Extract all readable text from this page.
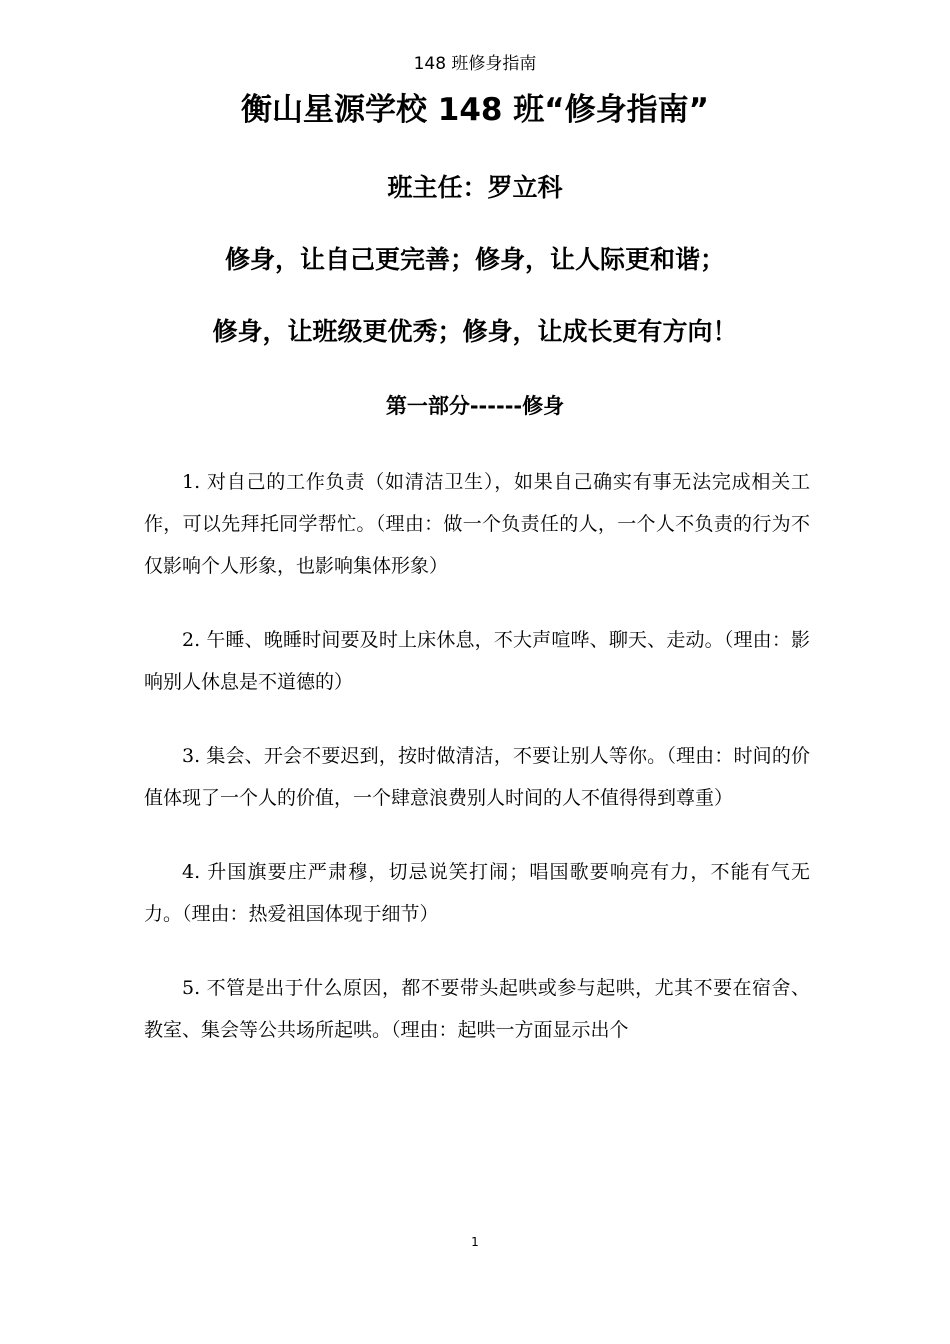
148 班修身指南
衡山星源学校 148 班“修身指南”
班主任：罗立科
修身，让自己更完善；修身，让人际更和谐；
修身，让班级更优秀；修身，让成长更有方向！
第一部分------修身

1. 对自己的工作负责（如清洁卫生），如果自己确实有事无法完成相关工作，可以先拜托同学帮忙。（理由：做一个负责任的人，一个人不负责的行为不仅影响个人形象，也影响集体形象）

2. 午睡、晚睡时间要及时上床休息，不大声喧哗、聊天、走动。（理由：影响别人休息是不道德的）

3. 集会、开会不要迟到，按时做清洁，不要让别人等你。（理由：时间的价值体现了一个人的价值，一个肆意浪费别人时间的人不值得得到尊重）

4. 升国旗要庄严肃穆，切忌说笑打闹；唱国歌要响亮有力，不能有气无力。（理由：热爱祖国体现于细节）

5. 不管是出于什么原因，都不要带头起哄或参与起哄，尤其不要在宿舍、教室、集会等公共场所起哄。（理由：起哄一方面显示出个

1
